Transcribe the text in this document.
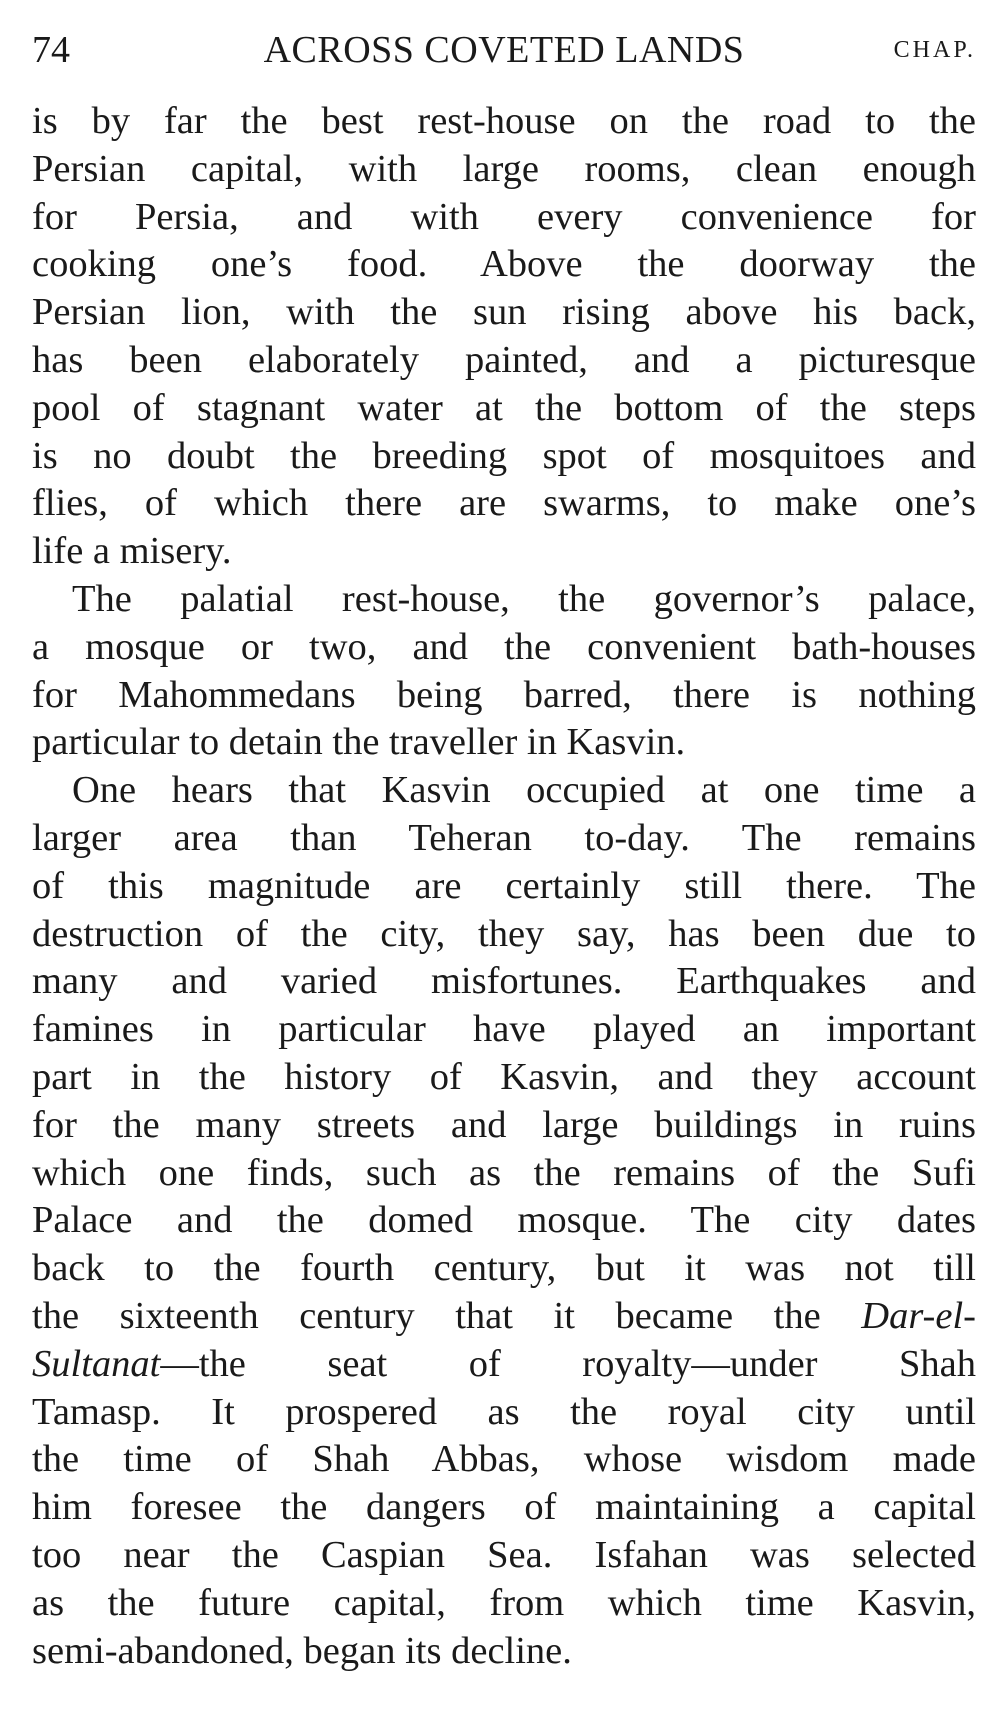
74	ACROSS COVETED LANDS	CHAP.

is by far the best rest-house on the road to the
Persian capital, with large rooms, clean enough
for Persia, and with every convenience for
cooking one’s food. Above the doorway the
Persian lion, with the sun rising above his back,
has been elaborately painted, and a picturesque
pool of stagnant water at the bottom of the steps
is no doubt the breeding spot of mosquitoes and
flies, of which there are swarms, to make one’s
life a misery.

The palatial rest-house, the governor’s palace,
a mosque or two, and the convenient bath-houses
for Mahommedans being barred, there is nothing
particular to detain the traveller in Kasvin.

One hears that Kasvin occupied at one time a
larger area than Teheran to-day. The remains
of this magnitude are certainly still there. The
destruction of the city, they say, has been due to
many and varied misfortunes. Earthquakes and
famines in particular have played an important
part in the history of Kasvin, and they account
for the many streets and large buildings in ruins
which one finds, such as the remains of the Sufi
Palace and the domed mosque. The city dates
back to the fourth century, but it was not till
the sixteenth century that it became the Dar-el-
Sultanat—the seat of royalty—under Shah
Tamasp. It prospered as the royal city until
the time of Shah Abbas, whose wisdom made
him foresee the dangers of maintaining a capital
too near the Caspian Sea. Isfahan was selected
as the future capital, from which time Kasvin,
semi-abandoned, began its decline.
